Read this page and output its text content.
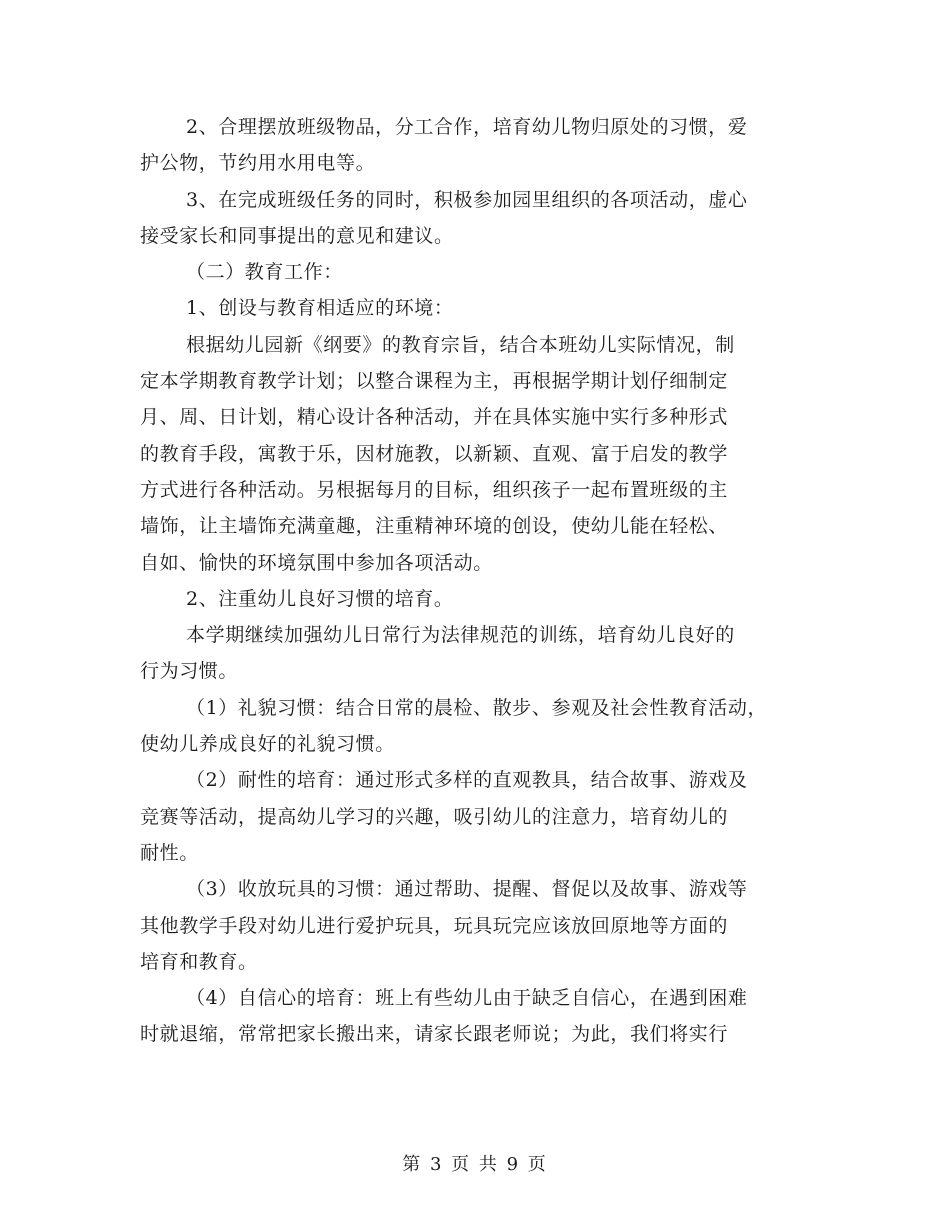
2、合理摆放班级物品，分工合作，培育幼儿物归原处的习惯，爱
护公物，节约用水用电等。
3、在完成班级任务的同时，积极参加园里组织的各项活动，虚心
接受家长和同事提出的意见和建议。
（二）教育工作：
1、创设与教育相适应的环境：
根据幼儿园新《纲要》的教育宗旨，结合本班幼儿实际情况，制
定本学期教育教学计划；以整合课程为主，再根据学期计划仔细制定
月、周、日计划，精心设计各种活动，并在具体实施中实行多种形式
的教育手段，寓教于乐，因材施教，以新颖、直观、富于启发的教学
方式进行各种活动。另根据每月的目标，组织孩子一起布置班级的主
墙饰，让主墙饰充满童趣，注重精神环境的创设，使幼儿能在轻松、
自如、愉快的环境氛围中参加各项活动。
2、注重幼儿良好习惯的培育。
本学期继续加强幼儿日常行为法律规范的训练，培育幼儿良好的
行为习惯。
（1）礼貌习惯：结合日常的晨检、散步、参观及社会性教育活动，
使幼儿养成良好的礼貌习惯。
（2）耐性的培育：通过形式多样的直观教具，结合故事、游戏及
竞赛等活动，提高幼儿学习的兴趣，吸引幼儿的注意力，培育幼儿的
耐性。
（3）收放玩具的习惯：通过帮助、提醒、督促以及故事、游戏等
其他教学手段对幼儿进行爱护玩具，玩具玩完应该放回原地等方面的
培育和教育。
（4）自信心的培育：班上有些幼儿由于缺乏自信心，在遇到困难
时就退缩，常常把家长搬出来，请家长跟老师说；为此，我们将实行
第 3 页 共 9 页
